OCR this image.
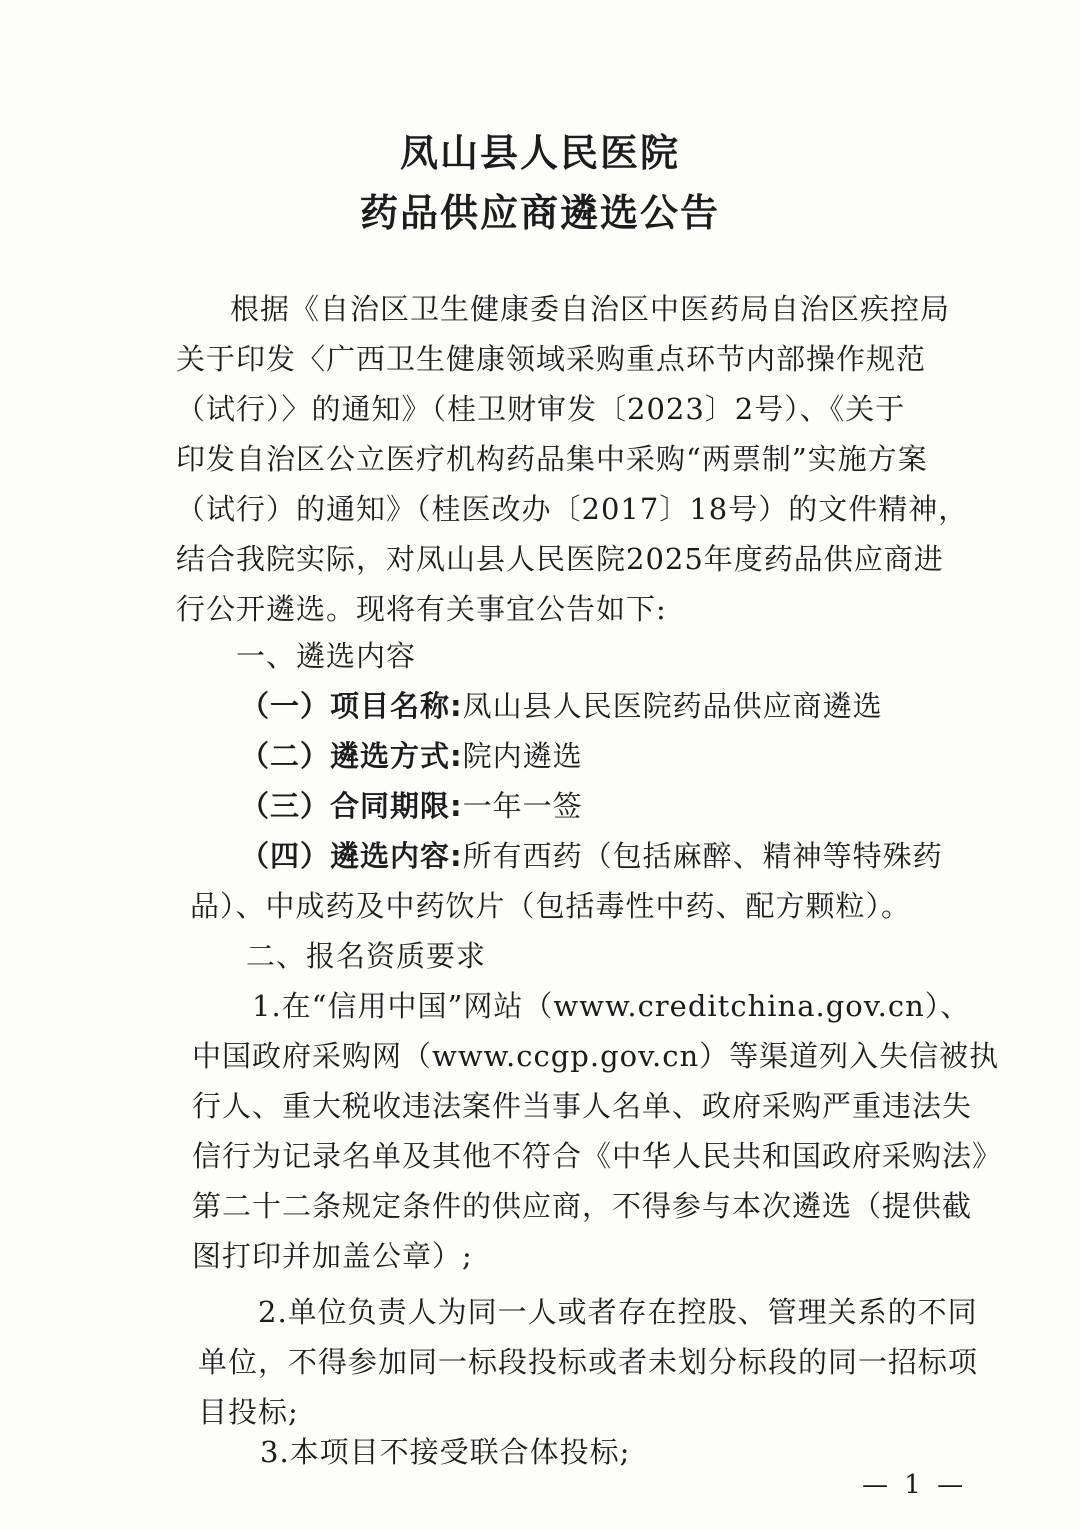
凤山县人民医院
药品供应商遴选公告
根据《自治区卫生健康委自治区中医药局自治区疾控局
关于印发〈广西卫生健康领域采购重点环节内部操作规范
（试行）〉的通知》（桂卫财审发〔2023〕2号）、《关于
印发自治区公立医疗机构药品集中采购“两票制”实施方案
（试行）的通知》（桂医改办〔2017〕18号）的文件精神，
结合我院实际，对凤山县人民医院2025年度药品供应商进
行公开遴选。现将有关事宜公告如下:
一、遴选内容
（一）项目名称:凤山县人民医院药品供应商遴选
（二）遴选方式:院内遴选
（三）合同期限:一年一签
（四）遴选内容:所有西药（包括麻醉、精神等特殊药
品）、中成药及中药饮片（包括毒性中药、配方颗粒）。
二、报名资质要求
1.在“信用中国”网站（www.creditchina.gov.cn）、
中国政府采购网（www.ccgp.gov.cn）等渠道列入失信被执
行人、重大税收违法案件当事人名单、政府采购严重违法失
信行为记录名单及其他不符合《中华人民共和国政府采购法》
第二十二条规定条件的供应商，不得参与本次遴选（提供截
图打印并加盖公章）;
2.单位负责人为同一人或者存在控股、管理关系的不同
单位，不得参加同一标段投标或者未划分标段的同一招标项
目投标;
3.本项目不接受联合体投标;
— 1 —
